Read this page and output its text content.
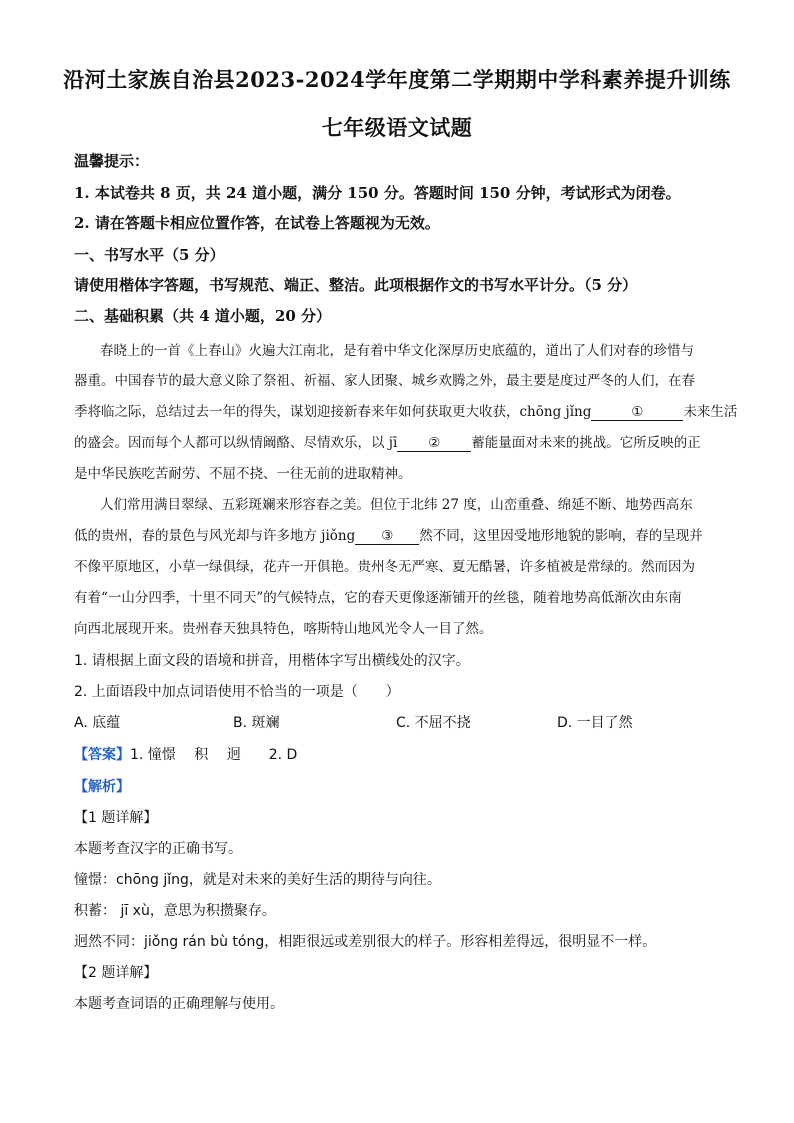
沿河土家族自治县2023-2024学年度第二学期期中学科素养提升训练
七年级语文试题
温馨提示：
1. 本试卷共 8 页，共 24 道小题，满分 150 分。答题时间 150 分钟，考试形式为闭卷。
2. 请在答题卡相应位置作答，在试卷上答题视为无效。
一、书写水平（5 分）
请使用楷体字答题，书写规范、端正、整洁。此项根据作文的书写水平计分。（5 分）
二、基础积累（共 4 道小题，20 分）
春晓上的一首《上春山》火遍大江南北，是有着中华文化深厚历史底蕴的，道出了人们对春的珍惜与
器重。中国春节的最大意义除了祭祖、祈福、家人团聚、城乡欢腾之外，最主要是度过严冬的人们，在春
季将临之际，总结过去一年的得失，谋划迎接新春来年如何获取更大收获，chōng jǐng	①	未来生活
的盛会。因而每个人都可以纵情阚酪、尽情欢乐，以 jī ② 蓄能量面对未来的挑战。它所反映的正
是中华民族吃苦耐劳、不屈不挠、一往无前的进取精神。
人们常用满目翠绿、五彩斑斓来形容春之美。但位于北纬 27 度，山峦重叠、绵延不断、地势西高东
低的贵州，春的景色与风光却与许多地方 jiǒng ③ 然不同，这里因受地形地貌的影响，春的呈现并
不像平原地区，小草一绿俱绿，花卉一开俱艳。贵州冬无严寒、夏无酷暑，许多植被是常绿的。然而因为
有着“一山分四季，十里不同天”的气候特点，它的春天更像逐渐铺开的丝毯，随着地势高低渐次由东南
向西北展现开来。贵州春天独具特色，喀斯特山地风光令人一目了然。
1. 请根据上面文段的语境和拼音，用楷体字写出横线处的汉字。
2. 上面语段中加点词语使用不恰当的一项是（　　）
A. 底蕴	B. 斑斓	C. 不屈不挠	D. 一目了然
【答案】1. 憧憬　 积　 迥　　2. D
【解析】
【1 题详解】
本题考查汉字的正确书写。
憧憬：chōng jǐng，就是对未来的美好生活的期待与向往。
积蓄： jī xù，意思为积攒聚存。
迥然不同：jiǒng rán bù tóng，相距很远或差别很大的样子。形容相差得远，很明显不一样。
【2 题详解】
本题考查词语的正确理解与使用。
